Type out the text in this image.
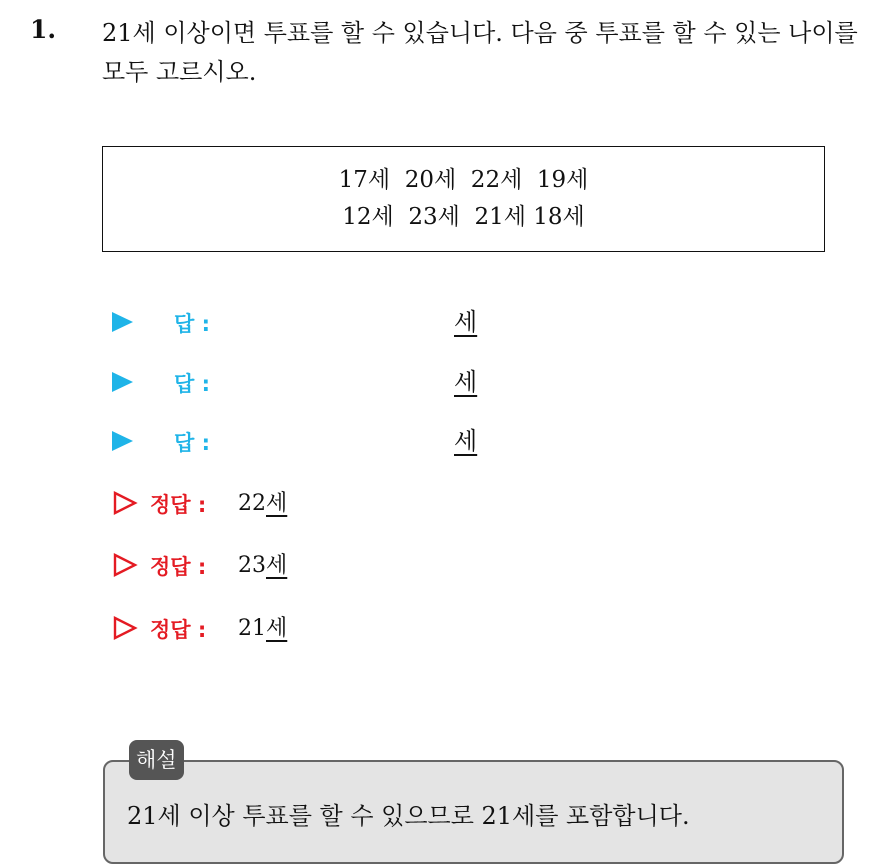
1. 21세 이상이면 투표를 할 수 있습니다. 다음 중 투표를 할 수 있는 나이를 모두 고르시오.
17세  20세  22세  19세
12세  23세  21세 18세
답 :	세
답 :	세
답 :	세
정답 : 22세
정답 : 23세
정답 : 21세
21세 이상 투표를 할 수 있으므로 21세를 포함합니다.
해설
